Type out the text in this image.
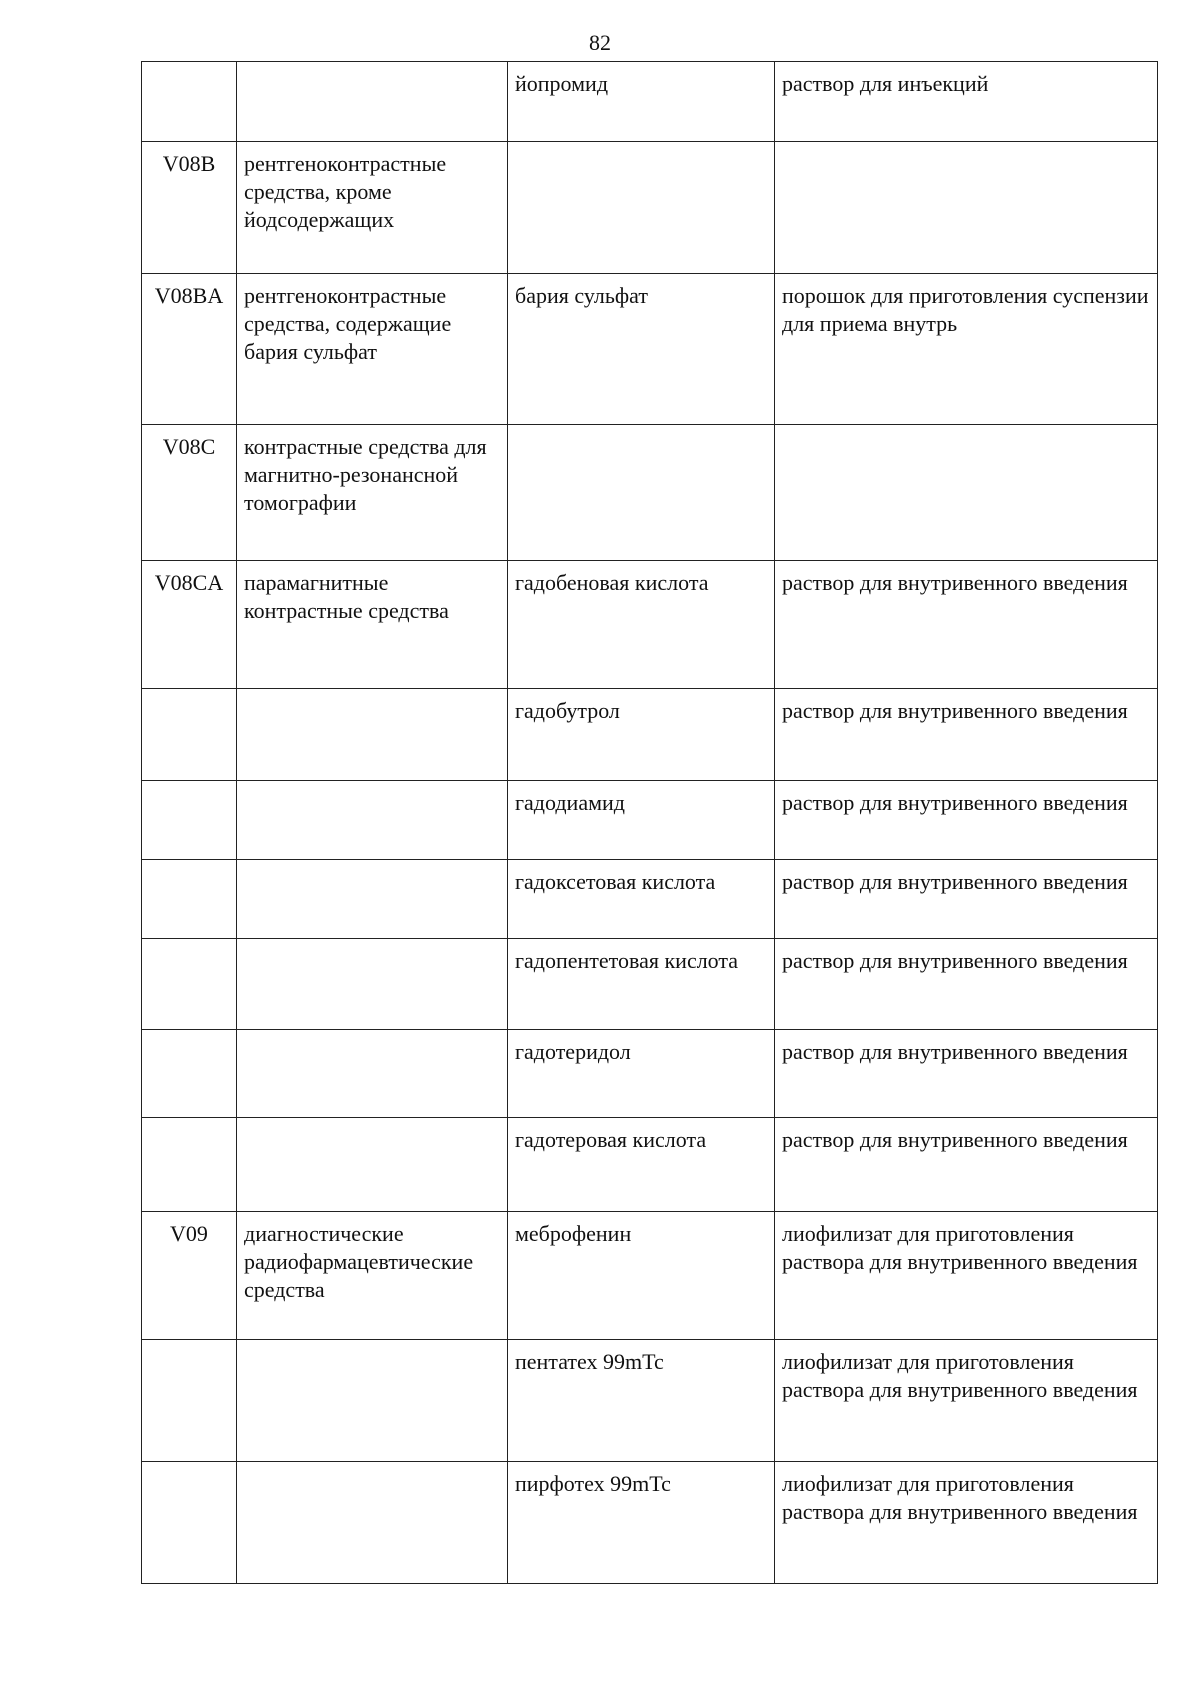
82
		йопромид	раствор для инъекций
V08B	рентгеноконтрастные средства, кроме йодсодержащих		
V08BA	рентгеноконтрастные средства, содержащие бария сульфат	бария сульфат	порошок для приготовления суспензии для приема внутрь
V08C	контрастные средства для магнитно-резонансной томографии		
V08CA	парамагнитные контрастные средства	гадобеновая кислота	раствор для внутривенного введения
		гадобутрол	раствор для внутривенного введения
		гадодиамид	раствор для внутривенного введения
		гадоксетовая кислота	раствор для внутривенного введения
		гадопентетовая кислота	раствор для внутривенного введения
		гадотеридол	раствор для внутривенного введения
		гадотеровая кислота	раствор для внутривенного введения
V09	диагностические радиофармацевтические средства	меброфенин	лиофилизат для приготовления раствора для внутривенного введения
		пентатех 99mTc	лиофилизат для приготовления раствора для внутривенного введения
		пирфотех 99mTc	лиофилизат для приготовления раствора для внутривенного введения
